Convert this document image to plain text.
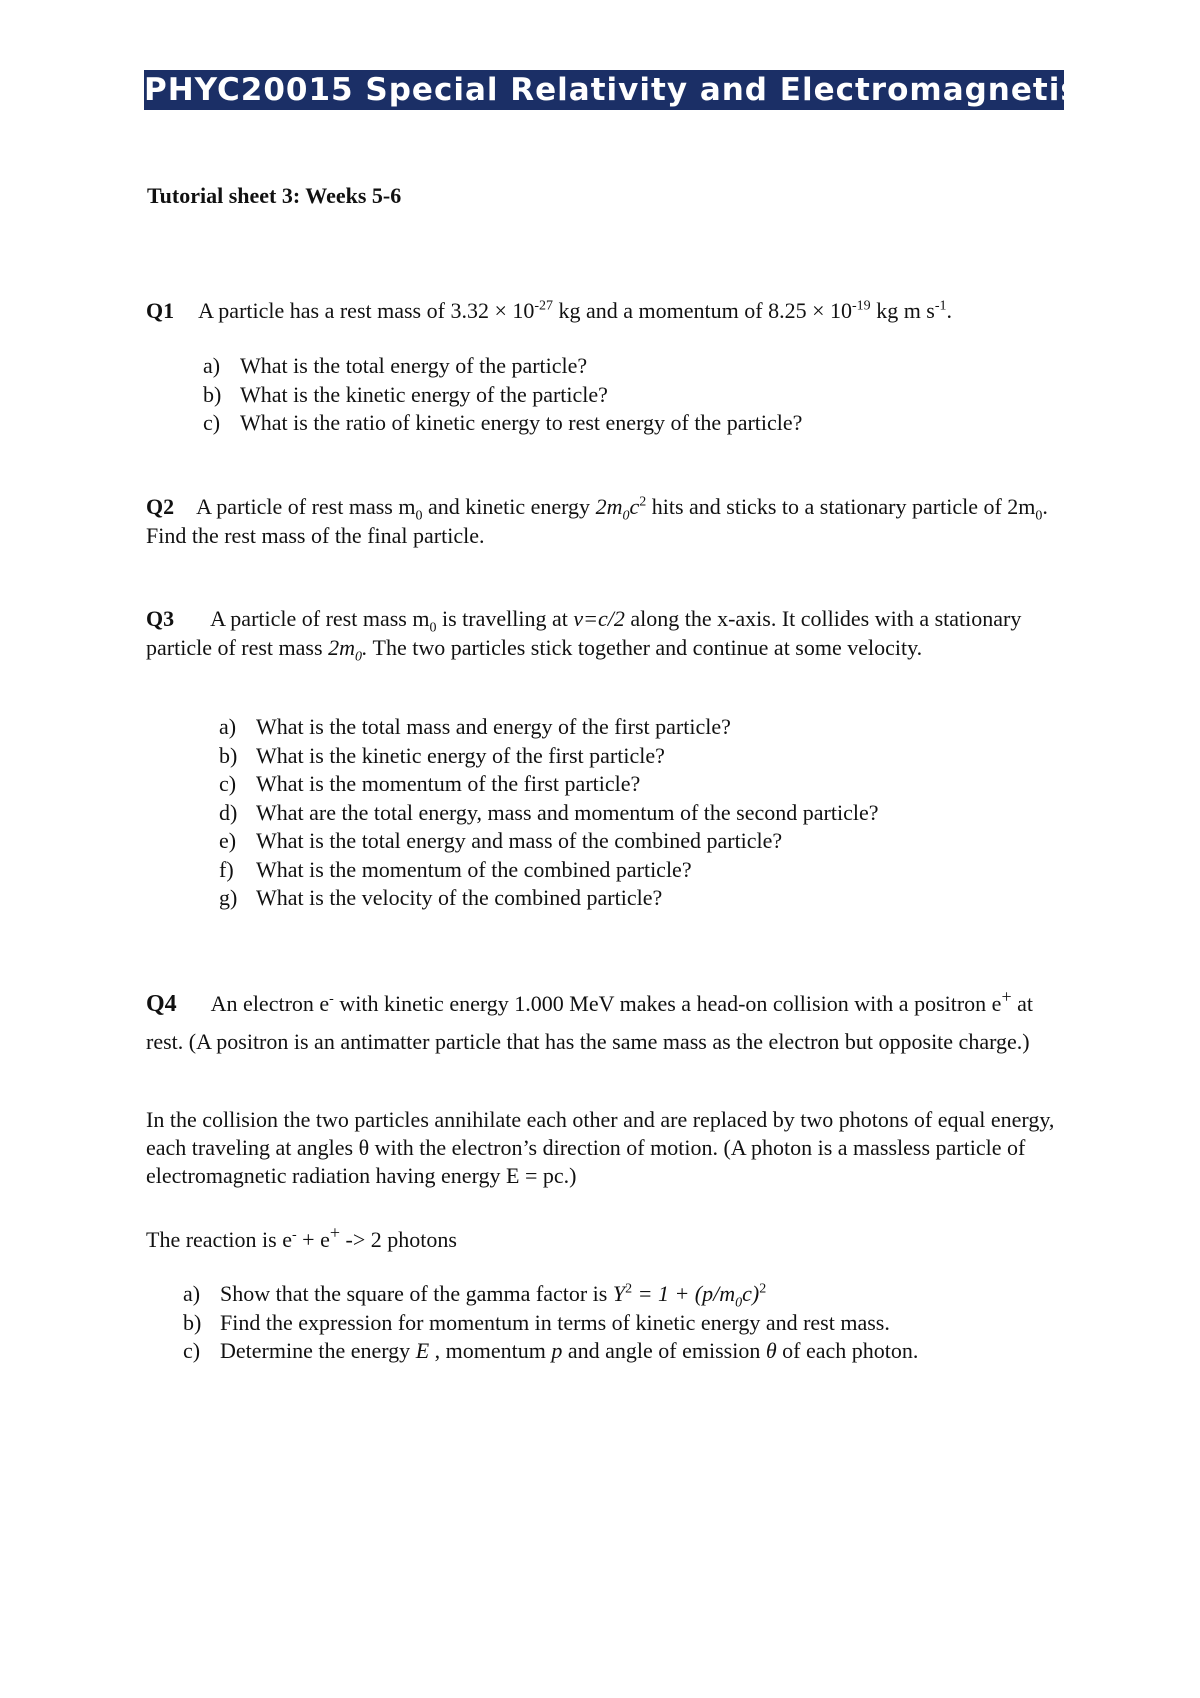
PHYC20015 Special Relativity and Electromagnetism
Tutorial sheet 3: Weeks 5-6
Q1 A particle has a rest mass of $3.32 \times 10^{-27}$ kg and a momentum of $8.25 \times 10^{-19}$ kg m $s^{-1}$.
a) What is the total energy of the particle?
b) What is the kinetic energy of the particle?
c) What is the ratio of kinetic energy to rest energy of the particle?
Q2 A particle of rest mass $m_0$ and kinetic energy $2m_0c^2$ hits and sticks to a stationary particle of $2m_0$. Find the rest mass of the final particle.
Q3 A particle of rest mass $m_0$ is travelling at v=c/2 along the x-axis. It collides with a stationary particle of rest mass $2m_0$. The two particles stick together and continue at some velocity.
a) What is the total mass and energy of the first particle?
b) What is the kinetic energy of the first particle?
c) What is the momentum of the first particle?
d) What are the total energy, mass and momentum of the second particle?
e) What is the total energy and mass of the combined particle?
f) What is the momentum of the combined particle?
g) What is the velocity of the combined particle?
Q4 An electron e- with kinetic energy 1.000 MeV makes a head-on collision with a positron e+ at rest. (A positron is an antimatter particle that has the same mass as the electron but opposite charge.)
In the collision the two particles annihilate each other and are replaced by two photons of equal energy, each traveling at angles θ with the electron’s direction of motion. (A photon is a massless particle of electromagnetic radiation having energy E = pc.)
The reaction is e- + e+ -> 2 photons
a) Show that the square of the gamma factor is $\Upsilon^2 = 1 + (p/m_0c)^2$
b) Find the expression for momentum in terms of kinetic energy and rest mass.
c) Determine the energy E , momentum p and angle of emission θ of each photon.
